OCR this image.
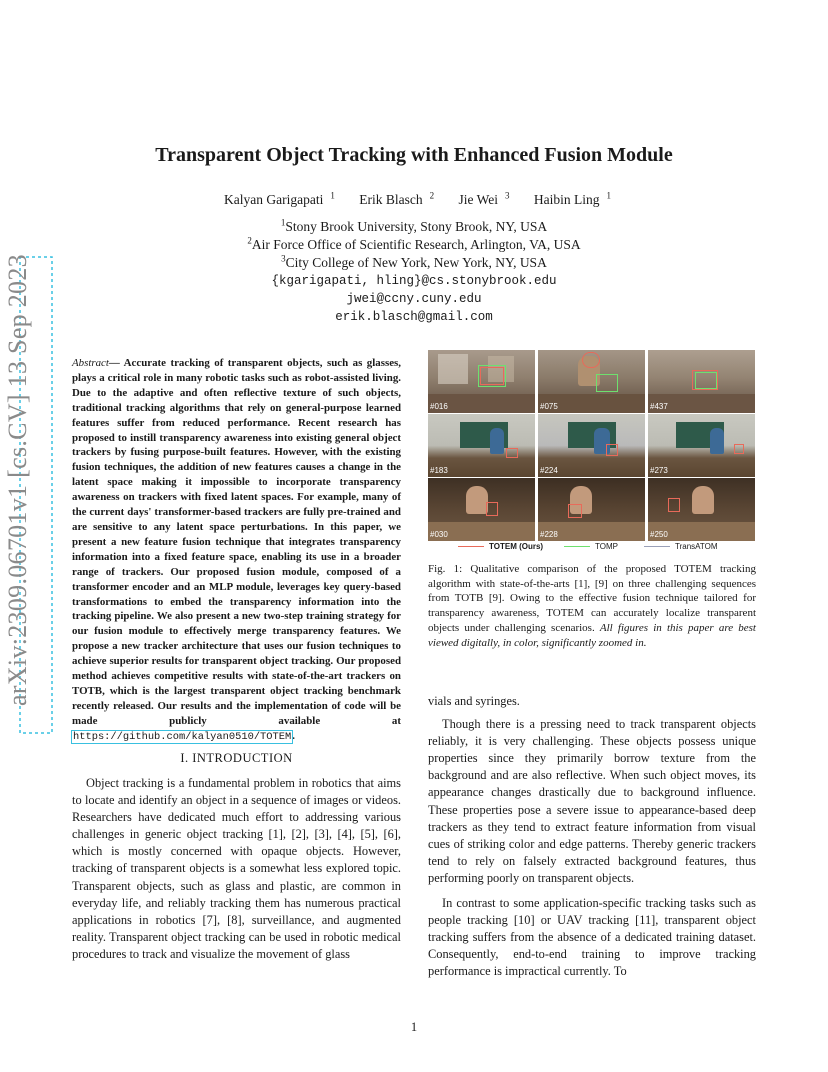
arXiv:2309.06701v1 [cs.CV] 13 Sep 2023
Transparent Object Tracking with Enhanced Fusion Module
Kalyan Garigapati $^1$ Erik Blasch $^2$ Jie Wei $^3$ Haibin Ling $^1$
$^1$Stony Brook University, Stony Brook, NY, USA
$^2$Air Force Office of Scientific Research, Arlington, VA, USA
$^3$City College of New York, New York, NY, USA
{kgarigapati, hling}@cs.stonybrook.edu
jwei@ccny.cuny.edu
erik.blasch@gmail.com
Abstract— Accurate tracking of transparent objects, such as glasses, plays a critical role in many robotic tasks such as robot-assisted living. Due to the adaptive and often reflective texture of such objects, traditional tracking algorithms that rely on general-purpose learned features suffer from reduced performance. Recent research has proposed to instill transparency awareness into existing general object trackers by fusing purpose-built features. However, with the existing fusion techniques, the addition of new features causes a change in the latent space making it impossible to incorporate transparency awareness on trackers with fixed latent spaces. For example, many of the current days' transformer-based trackers are fully pre-trained and are sensitive to any latent space perturbations. In this paper, we present a new feature fusion technique that integrates transparency information into a fixed feature space, enabling its use in a broader range of trackers. Our proposed fusion module, composed of a transformer encoder and an MLP module, leverages key query-based transformations to embed the transparency information into the tracking pipeline. We also present a new two-step training strategy for our fusion module to effectively merge transparency features. We propose a new tracker architecture that uses our fusion techniques to achieve superior results for transparent object tracking. Our proposed method achieves competitive results with state-of-the-art trackers on TOTB, which is the largest transparent object tracking benchmark recently released. Our results and the implementation of code will be made publicly available at https://github.com/kalyan0510/TOTEM.
I. INTRODUCTION
Object tracking is a fundamental problem in robotics that aims to locate and identify an object in a sequence of images or videos. Researchers have dedicated much effort to addressing various challenges in generic object tracking [1], [2], [3], [4], [5], [6], which is mostly concerned with opaque objects. However, tracking of transparent objects is a somewhat less explored topic. Transparent objects, such as glass and plastic, are common in everyday life, and reliably tracking them has numerous practical applications in robotics [7], [8], surveillance, and augmented reality. Transparent object tracking can be used in robotic medical procedures to track and visualize the movement of glass
#016	#075	#437
#183	#224	#273
#030	#228	#250
TOTEM (Ours)	TOMP	TransATOM
Fig. 1: Qualitative comparison of the proposed TOTEM tracking algorithm with state-of-the-arts [1], [9] on three challenging sequences from TOTB [9]. Owing to the effective fusion technique tailored for transparency awareness, TOTEM can accurately localize transparent objects under challenging scenarios. All figures in this paper are best viewed digitally, in color, significantly zoomed in.

vials and syringes.

Though there is a pressing need to track transparent objects reliably, it is very challenging. These objects possess unique properties since they primarily borrow texture from the background and are also reflective. When such object moves, its appearance changes drastically due to background influence. These properties pose a severe issue to appearance-based deep trackers as they tend to extract feature information from visual cues of striking color and edge patterns. Thereby generic trackers tend to rely on falsely extracted background features, thus performing poorly on transparent objects.

In contrast to some application-specific tracking tasks such as people tracking [10] or UAV tracking [11], transparent object tracking suffers from the absence of a dedicated training dataset. Consequently, end-to-end training to improve tracking performance is impractical currently. To

1
